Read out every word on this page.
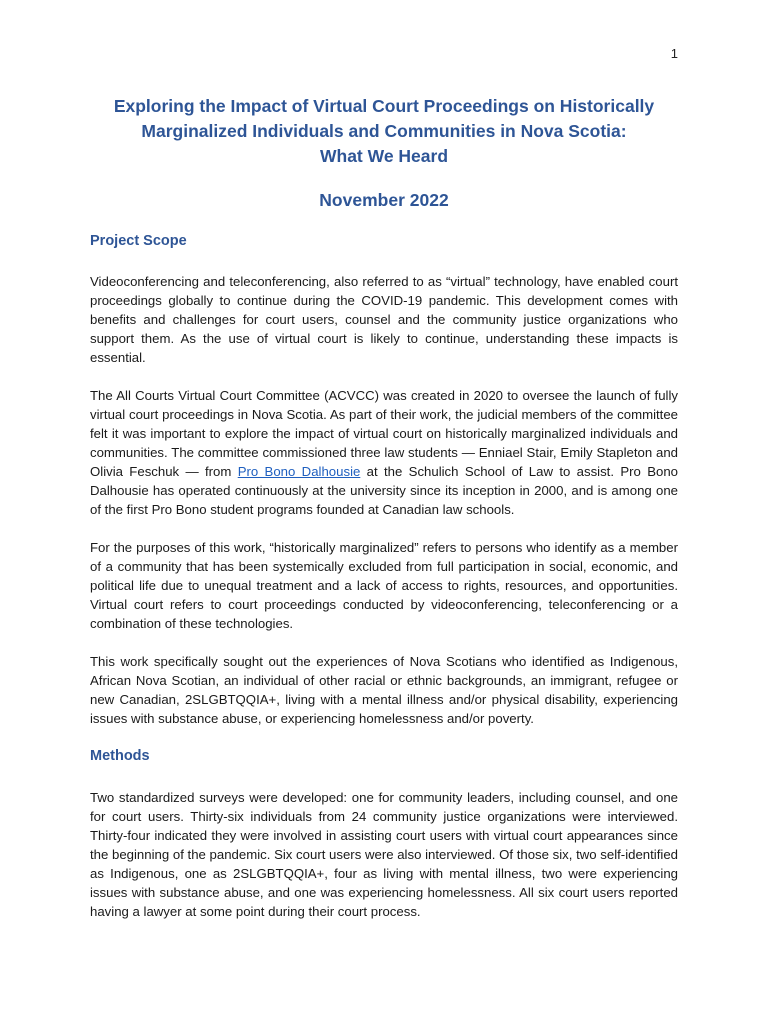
1
Exploring the Impact of Virtual Court Proceedings on Historically
Marginalized Individuals and Communities in Nova Scotia:
What We Heard
November 2022
Project Scope

Videoconferencing and teleconferencing, also referred to as “virtual” technology, have enabled court proceedings globally to continue during the COVID-19 pandemic. This development comes with benefits and challenges for court users, counsel and the community justice organizations who support them. As the use of virtual court is likely to continue, understanding these impacts is essential.

The All Courts Virtual Court Committee (ACVCC) was created in 2020 to oversee the launch of fully virtual court proceedings in Nova Scotia. As part of their work, the judicial members of the committee felt it was important to explore the impact of virtual court on historically marginalized individuals and communities. The committee commissioned three law students — Enniael Stair, Emily Stapleton and Olivia Feschuk — from Pro Bono Dalhousie at the Schulich School of Law to assist. Pro Bono Dalhousie has operated continuously at the university since its inception in 2000, and is among one of the first Pro Bono student programs founded at Canadian law schools.

For the purposes of this work, “historically marginalized” refers to persons who identify as a member of a community that has been systemically excluded from full participation in social, economic, and political life due to unequal treatment and a lack of access to rights, resources, and opportunities. Virtual court refers to court proceedings conducted by videoconferencing, teleconferencing or a combination of these technologies.

This work specifically sought out the experiences of Nova Scotians who identified as Indigenous, African Nova Scotian, an individual of other racial or ethnic backgrounds, an immigrant, refugee or new Canadian, 2SLGBTQQIA+, living with a mental illness and/or physical disability, experiencing issues with substance abuse, or experiencing homelessness and/or poverty.

Methods

Two standardized surveys were developed: one for community leaders, including counsel, and one for court users. Thirty-six individuals from 24 community justice organizations were interviewed. Thirty-four indicated they were involved in assisting court users with virtual court appearances since the beginning of the pandemic. Six court users were also interviewed. Of those six, two self-identified as Indigenous, one as 2SLGBTQQIA+, four as living with mental illness, two were experiencing issues with substance abuse, and one was experiencing homelessness. All six court users reported having a lawyer at some point during their court process.
